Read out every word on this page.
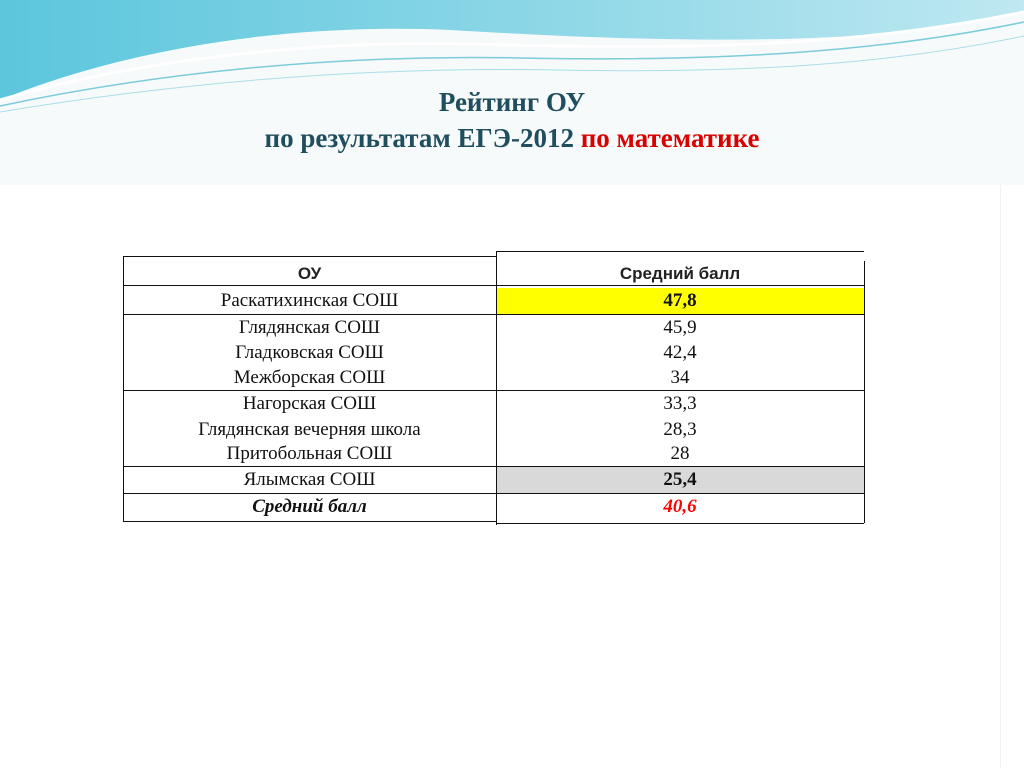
Рейтинг ОУ
по результатам ЕГЭ-2012 по математике
ОУ	Средний балл
Раскатихинская СОШ	47,8
Глядянская СОШ	45,9
Гладковская СОШ	42,4
Межборская СОШ	34
Нагорская СОШ	33,3
Глядянская вечерняя школа	28,3
Притобольная СОШ	28
Ялымская СОШ	25,4
Средний балл	40,6
